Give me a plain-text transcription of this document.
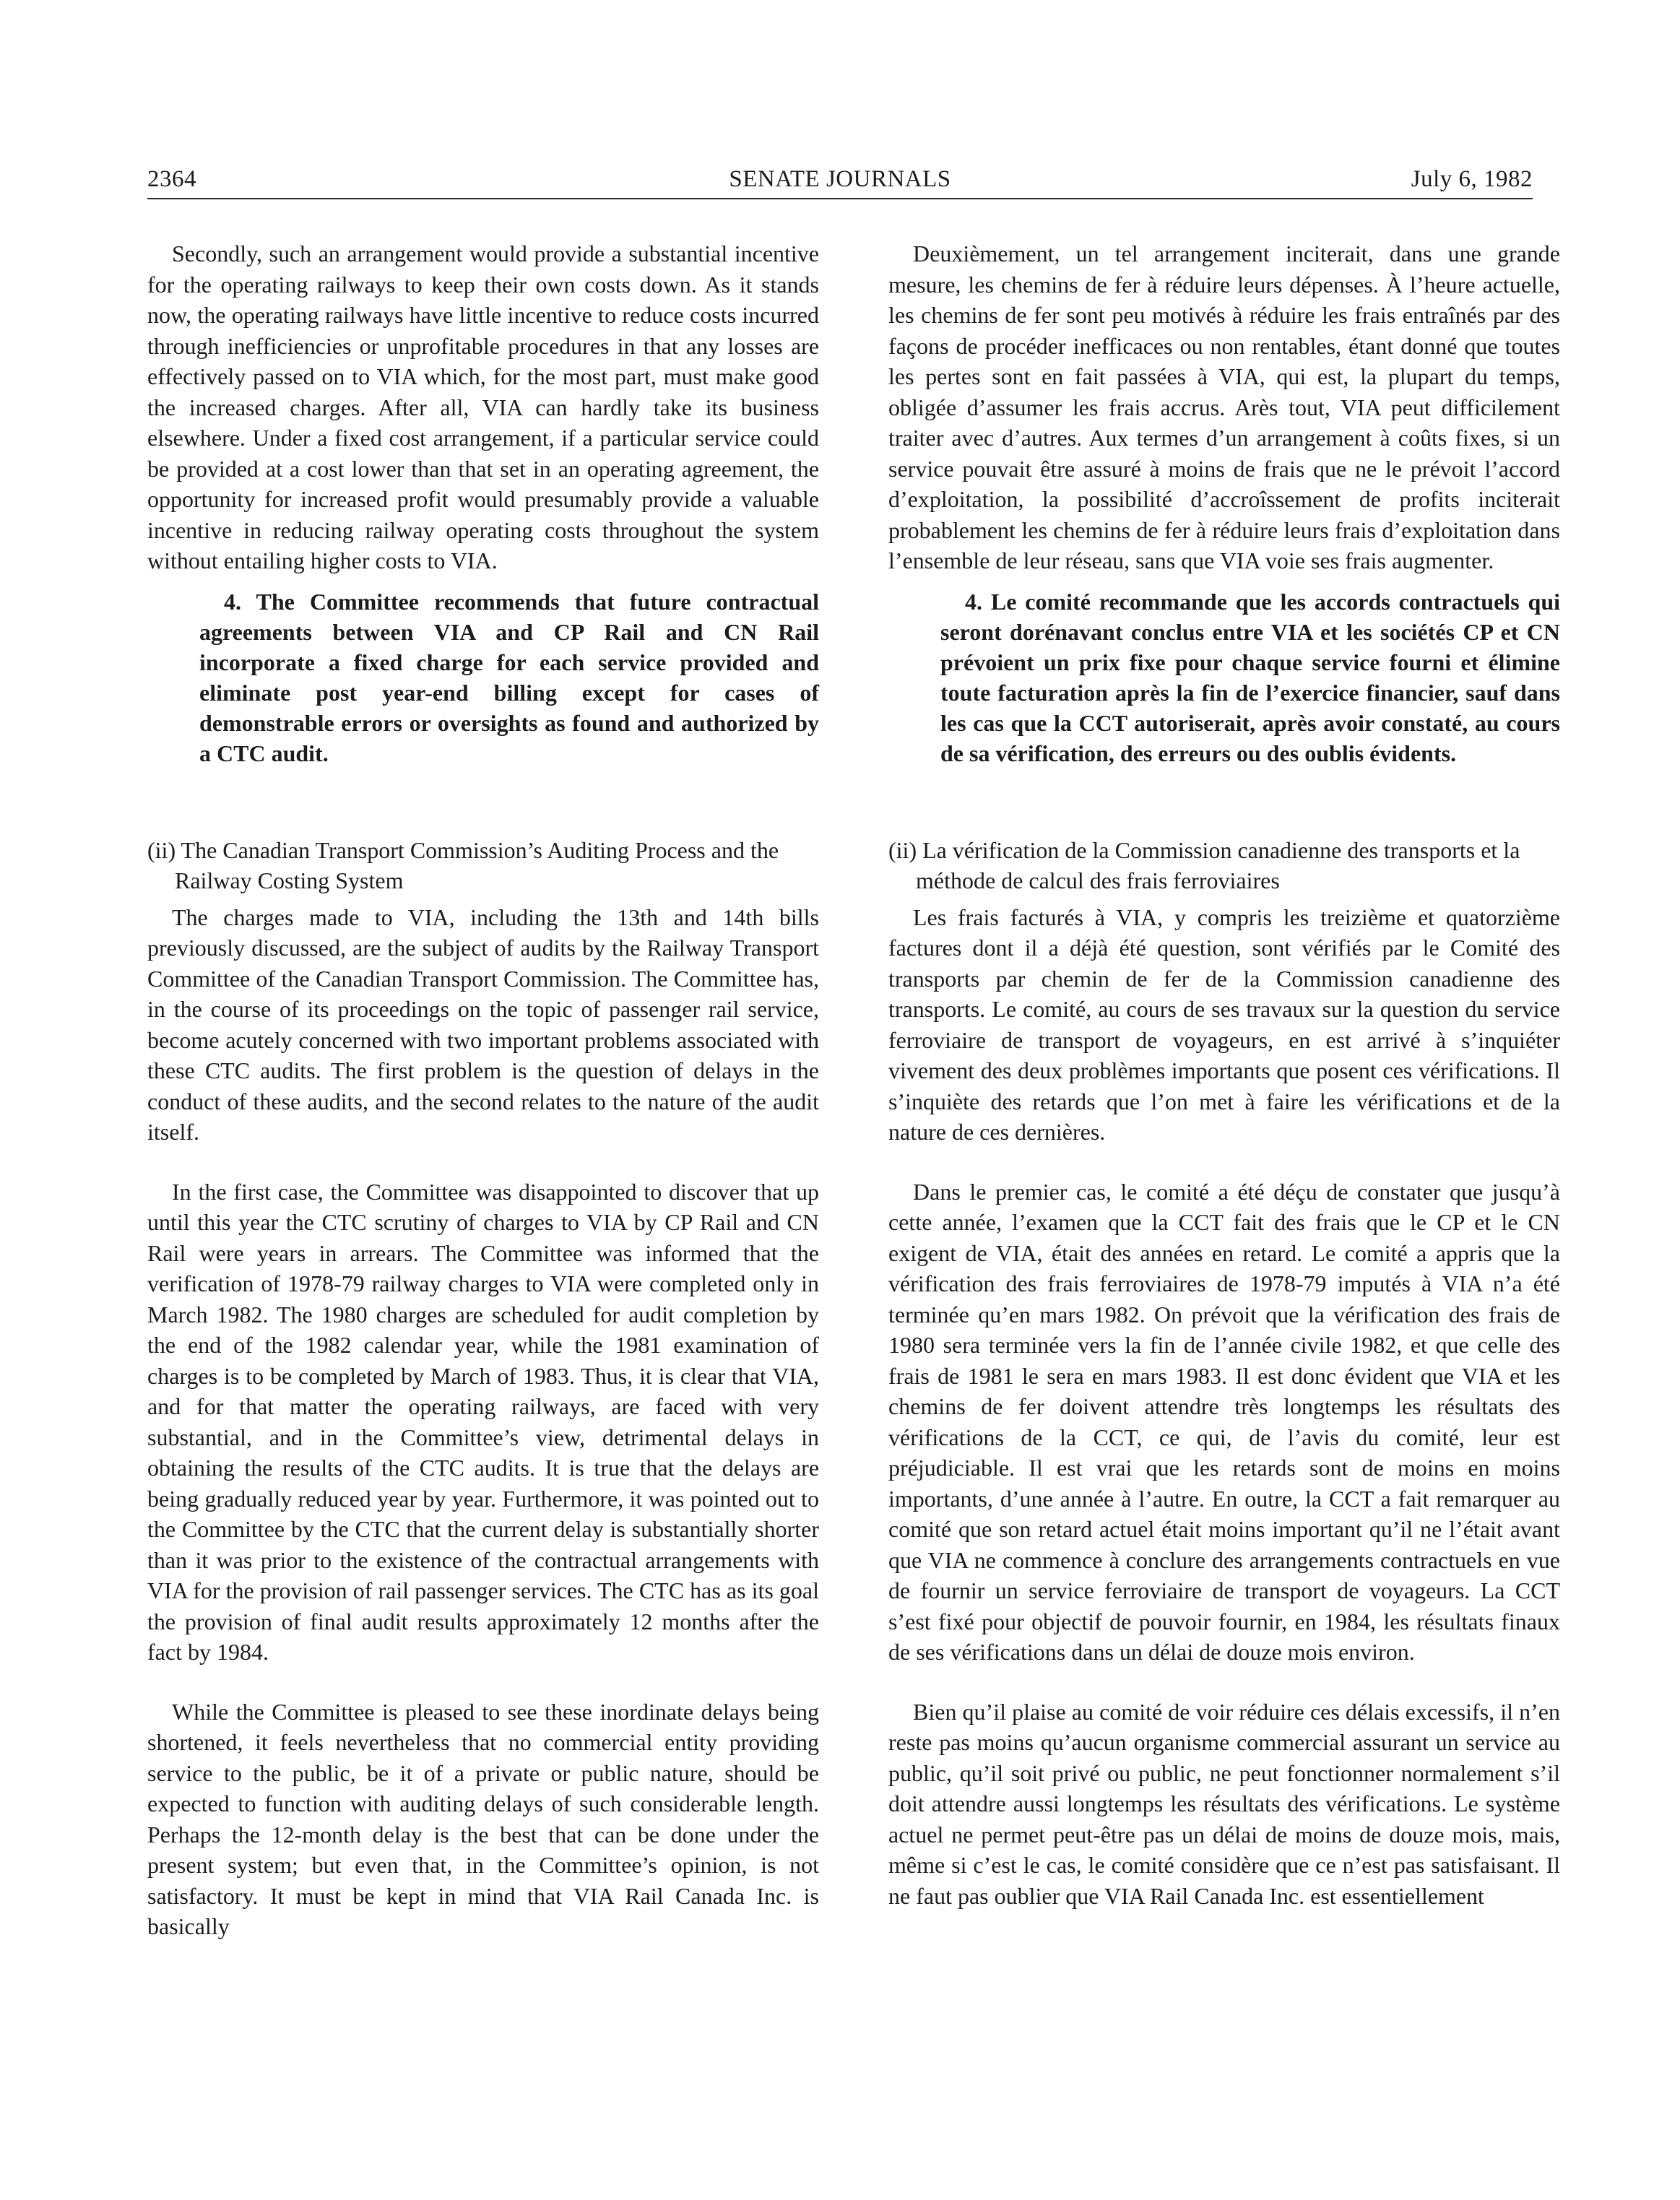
SENATE JOURNALS
2364	July 6, 1982

Secondly, such an arrangement would provide a substantial incentive for the operating railways to keep their own costs down. As it stands now, the operating railways have little incentive to reduce costs incurred through inefficiencies or unprofitable procedures in that any losses are effectively passed on to VIA which, for the most part, must make good the increased charges. After all, VIA can hardly take its business elsewhere. Under a fixed cost arrangement, if a particular service could be provided at a cost lower than that set in an operating agreement, the opportunity for increased profit would presumably provide a valuable incentive in reducing railway operating costs throughout the system without entailing higher costs to VIA.

4. The Committee recommends that future contractual agreements between VIA and CP Rail and CN Rail incorporate a fixed charge for each service provided and eliminate post year-end billing except for cases of demonstrable errors or oversights as found and authorized by a CTC audit.

(ii) The Canadian Transport Commission’s Auditing Process and the Railway Costing System

The charges made to VIA, including the 13th and 14th bills previously discussed, are the subject of audits by the Railway Transport Committee of the Canadian Transport Commission. The Committee has, in the course of its proceedings on the topic of passenger rail service, become acutely concerned with two important problems associated with these CTC audits. The first problem is the question of delays in the conduct of these audits, and the second relates to the nature of the audit itself.

In the first case, the Committee was disappointed to discover that up until this year the CTC scrutiny of charges to VIA by CP Rail and CN Rail were years in arrears. The Committee was informed that the verification of 1978-79 railway charges to VIA were completed only in March 1982. The 1980 charges are scheduled for audit completion by the end of the 1982 calendar year, while the 1981 examination of charges is to be completed by March of 1983. Thus, it is clear that VIA, and for that matter the operating railways, are faced with very substantial, and in the Committee’s view, detrimental delays in obtaining the results of the CTC audits. It is true that the delays are being gradually reduced year by year. Furthermore, it was pointed out to the Committee by the CTC that the current delay is substantially shorter than it was prior to the existence of the contractual arrangements with VIA for the provision of rail passenger services. The CTC has as its goal the provision of final audit results approximately 12 months after the fact by 1984.

While the Committee is pleased to see these inordinate delays being shortened, it feels nevertheless that no commercial entity providing service to the public, be it of a private or public nature, should be expected to function with auditing delays of such considerable length. Perhaps the 12-month delay is the best that can be done under the present system; but even that, in the Committee’s opinion, is not satisfactory. It must be kept in mind that VIA Rail Canada Inc. is basically

Deuxièmement, un tel arrangement inciterait, dans une grande mesure, les chemins de fer à réduire leurs dépenses. À l’heure actuelle, les chemins de fer sont peu motivés à réduire les frais entraînés par des façons de procéder inefficaces ou non rentables, étant donné que toutes les pertes sont en fait passées à VIA, qui est, la plupart du temps, obligée d’assumer les frais accrus. Arès tout, VIA peut difficilement traiter avec d’autres. Aux termes d’un arrangement à coûts fixes, si un service pouvait être assuré à moins de frais que ne le prévoit l’accord d’exploitation, la possibilité d’accroîssement de profits inciterait probablement les chemins de fer à réduire leurs frais d’exploitation dans l’ensemble de leur réseau, sans que VIA voie ses frais augmenter.

4. Le comité recommande que les accords contractuels qui seront dorénavant conclus entre VIA et les sociétés CP et CN prévoient un prix fixe pour chaque service fourni et élimine toute facturation après la fin de l’exercice financier, sauf dans les cas que la CCT autoriserait, après avoir constaté, au cours de sa vérification, des erreurs ou des oublis évidents.

(ii) La vérification de la Commission canadienne des transports et la méthode de calcul des frais ferroviaires

Les frais facturés à VIA, y compris les treizième et quatorzième factures dont il a déjà été question, sont vérifiés par le Comité des transports par chemin de fer de la Commission canadienne des transports. Le comité, au cours de ses travaux sur la question du service ferroviaire de transport de voyageurs, en est arrivé à s’inquiéter vivement des deux problèmes importants que posent ces vérifications. Il s’inquiète des retards que l’on met à faire les vérifications et de la nature de ces dernières.

Dans le premier cas, le comité a été déçu de constater que jusqu’à cette année, l’examen que la CCT fait des frais que le CP et le CN exigent de VIA, était des années en retard. Le comité a appris que la vérification des frais ferroviaires de 1978-79 imputés à VIA n’a été terminée qu’en mars 1982. On prévoit que la vérification des frais de 1980 sera terminée vers la fin de l’année civile 1982, et que celle des frais de 1981 le sera en mars 1983. Il est donc évident que VIA et les chemins de fer doivent attendre très longtemps les résultats des vérifications de la CCT, ce qui, de l’avis du comité, leur est préjudiciable. Il est vrai que les retards sont de moins en moins importants, d’une année à l’autre. En outre, la CCT a fait remarquer au comité que son retard actuel était moins important qu’il ne l’était avant que VIA ne commence à conclure des arrangements contractuels en vue de fournir un service ferroviaire de transport de voyageurs. La CCT s’est fixé pour objectif de pouvoir fournir, en 1984, les résultats finaux de ses vérifications dans un délai de douze mois environ.

Bien qu’il plaise au comité de voir réduire ces délais excessifs, il n’en reste pas moins qu’aucun organisme commercial assurant un service au public, qu’il soit privé ou public, ne peut fonctionner normalement s’il doit attendre aussi longtemps les résultats des vérifications. Le système actuel ne permet peut-être pas un délai de moins de douze mois, mais, même si c’est le cas, le comité considère que ce n’est pas satisfaisant. Il ne faut pas oublier que VIA Rail Canada Inc. est essentiellement
